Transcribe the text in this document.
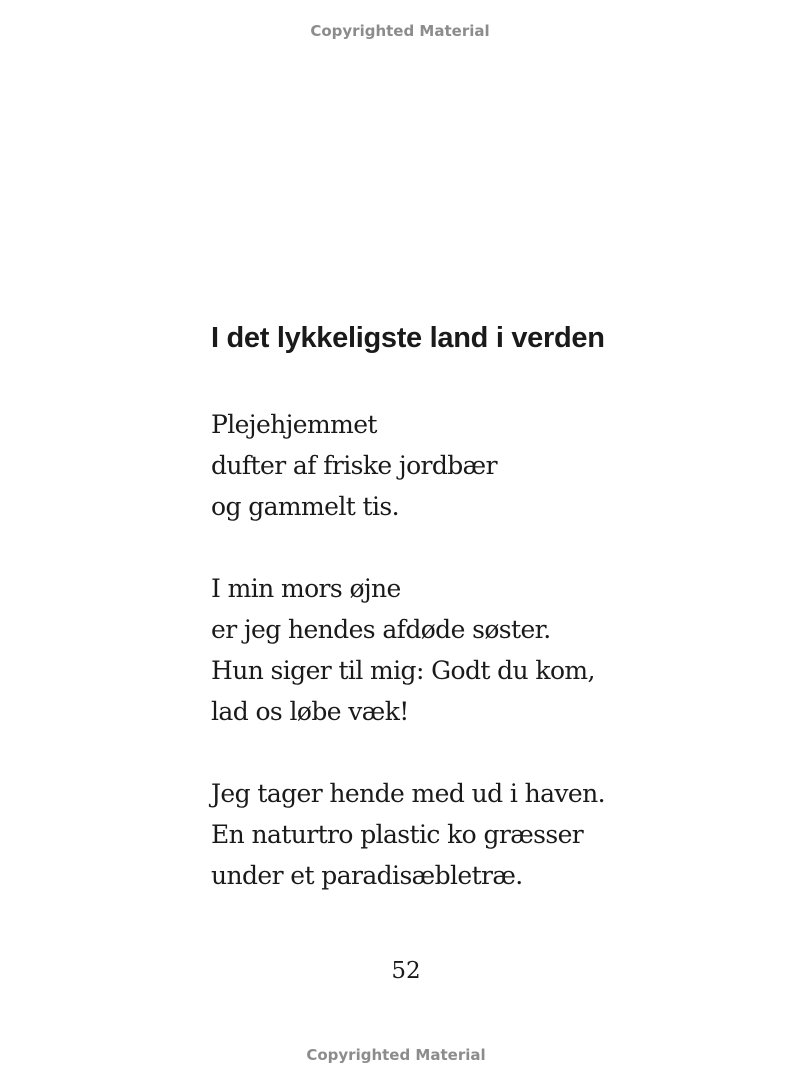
Copyrighted Material
I det lykkeligste land i verden
Plejehjemmet
dufter af friske jordbær
og gammelt tis.
I min mors øjne
er jeg hendes afdøde søster.
Hun siger til mig: Godt du kom,
lad os løbe væk!
Jeg tager hende med ud i haven.
En naturtro plastic ko græsser
under et paradisæbletræ.
52
Copyrighted Material
